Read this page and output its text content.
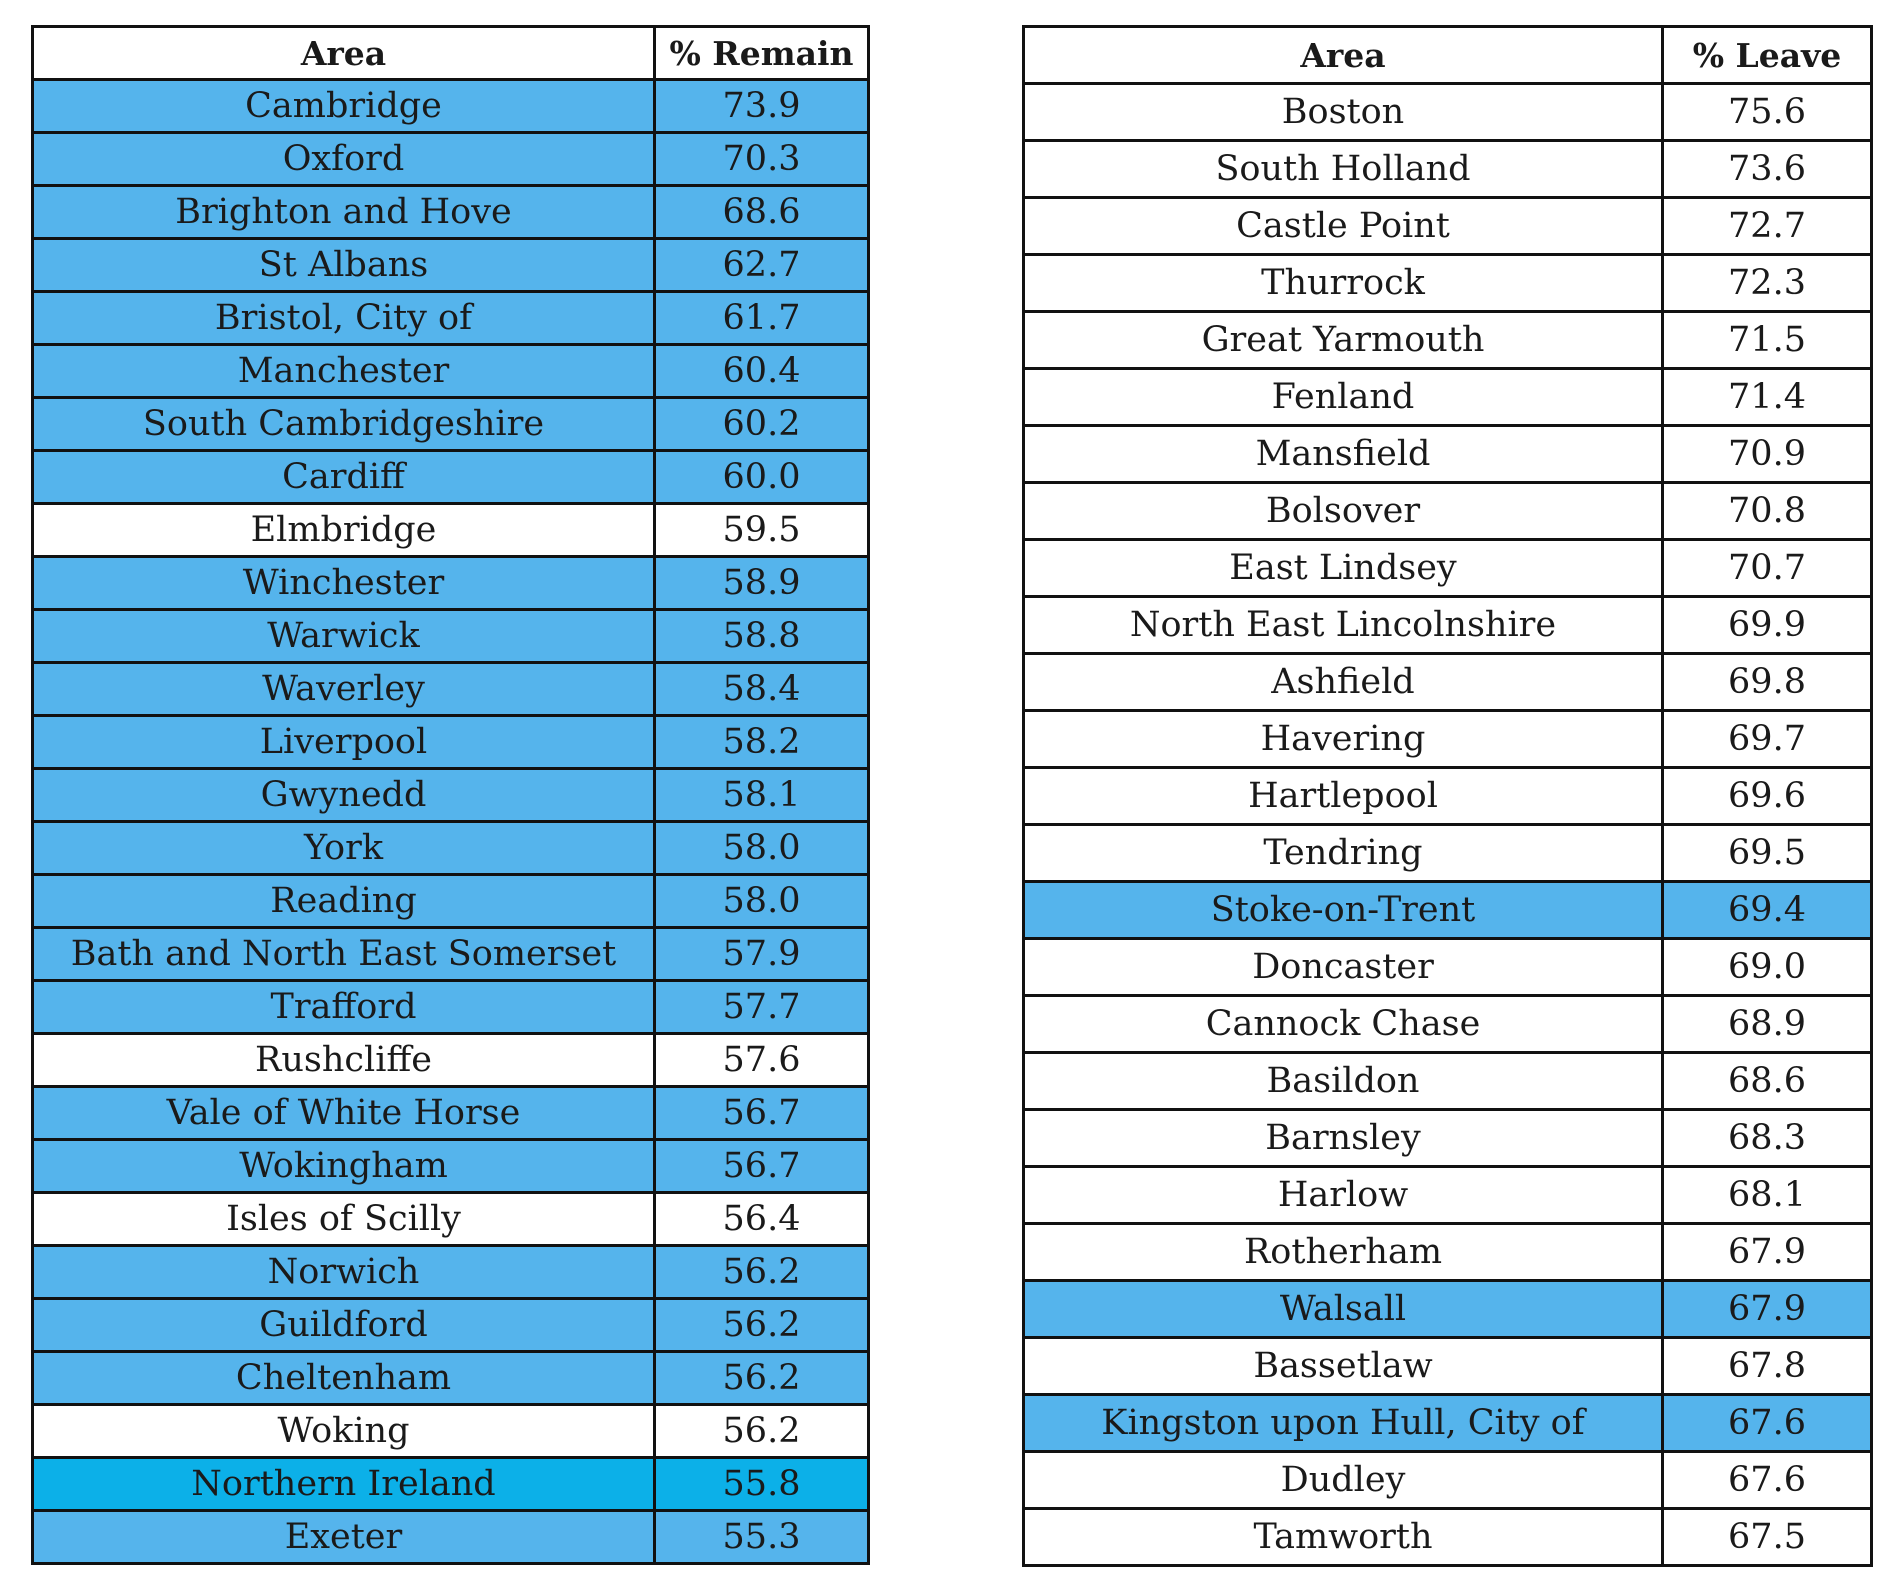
Area	% Remain
Cambridge	73.9
Oxford	70.3
Brighton and Hove	68.6
St Albans	62.7
Bristol, City of	61.7
Manchester	60.4
South Cambridgeshire	60.2
Cardiff	60.0
Elmbridge	59.5
Winchester	58.9
Warwick	58.8
Waverley	58.4
Liverpool	58.2
Gwynedd	58.1
York	58.0
Reading	58.0
Bath and North East Somerset	57.9
Trafford	57.7
Rushcliffe	57.6
Vale of White Horse	56.7
Wokingham	56.7
Isles of Scilly	56.4
Norwich	56.2
Guildford	56.2
Cheltenham	56.2
Woking	56.2
Northern Ireland	55.8
Exeter	55.3
Area	% Leave
Boston	75.6
South Holland	73.6
Castle Point	72.7
Thurrock	72.3
Great Yarmouth	71.5
Fenland	71.4
Mansfield	70.9
Bolsover	70.8
East Lindsey	70.7
North East Lincolnshire	69.9
Ashfield	69.8
Havering	69.7
Hartlepool	69.6
Tendring	69.5
Stoke-on-Trent	69.4
Doncaster	69.0
Cannock Chase	68.9
Basildon	68.6
Barnsley	68.3
Harlow	68.1
Rotherham	67.9
Walsall	67.9
Bassetlaw	67.8
Kingston upon Hull, City of	67.6
Dudley	67.6
Tamworth	67.5
